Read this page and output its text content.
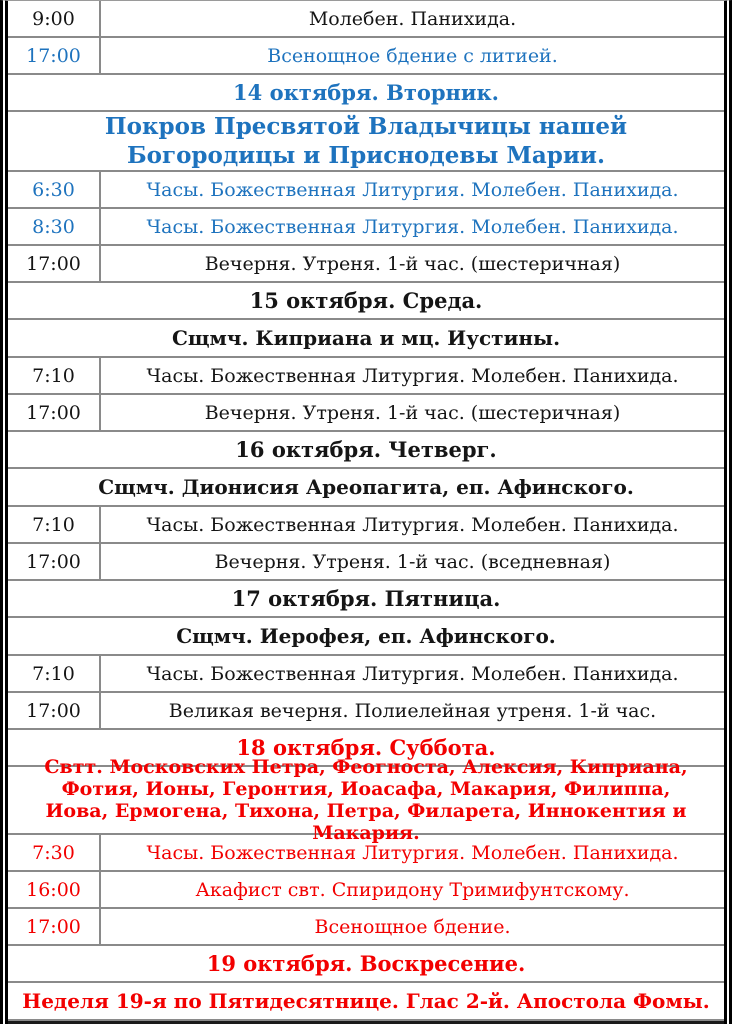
9:00	Молебен. Панихида.
17:00	Всенощное бдение с литией.
14 октября. Вторник.
Покров Пресвятой Владычицы нашей Богородицы и Приснодевы Марии.
6:30	Часы. Божественная Литургия. Молебен. Панихида.
8:30	Часы. Божественная Литургия. Молебен. Панихида.
17:00	Вечерня. Утреня. 1-й час. (шестеричная)
15 октября. Среда.
Сщмч. Киприана и мц. Иустины.
7:10	Часы. Божественная Литургия. Молебен. Панихида.
17:00	Вечерня. Утреня. 1-й час. (шестеричная)
16 октября. Четверг.
Сщмч. Дионисия Ареопагита, еп. Афинского.
7:10	Часы. Божественная Литургия. Молебен. Панихида.
17:00	Вечерня. Утреня. 1-й час. (вседневная)
17 октября. Пятница.
Сщмч. Иерофея, еп. Афинского.
7:10	Часы. Божественная Литургия. Молебен. Панихида.
17:00	Великая вечерня. Полиелейная утреня. 1-й час.
18 октября. Суббота.
Свтт. Московских Петра, Феогноста, Алексия, Киприана, Фотия, Ионы, Геронтия, Иоасафа, Макария, Филиппа, Иова, Ермогена, Тихона, Петра, Филарета, Иннокентия и Макария.
7:30	Часы. Божественная Литургия. Молебен. Панихида.
16:00	Акафист свт. Спиридону Тримифунтскому.
17:00	Всенощное бдение.
19 октября. Воскресение.
Неделя 19-я по Пятидесятнице. Глас 2-й. Апостола Фомы.
